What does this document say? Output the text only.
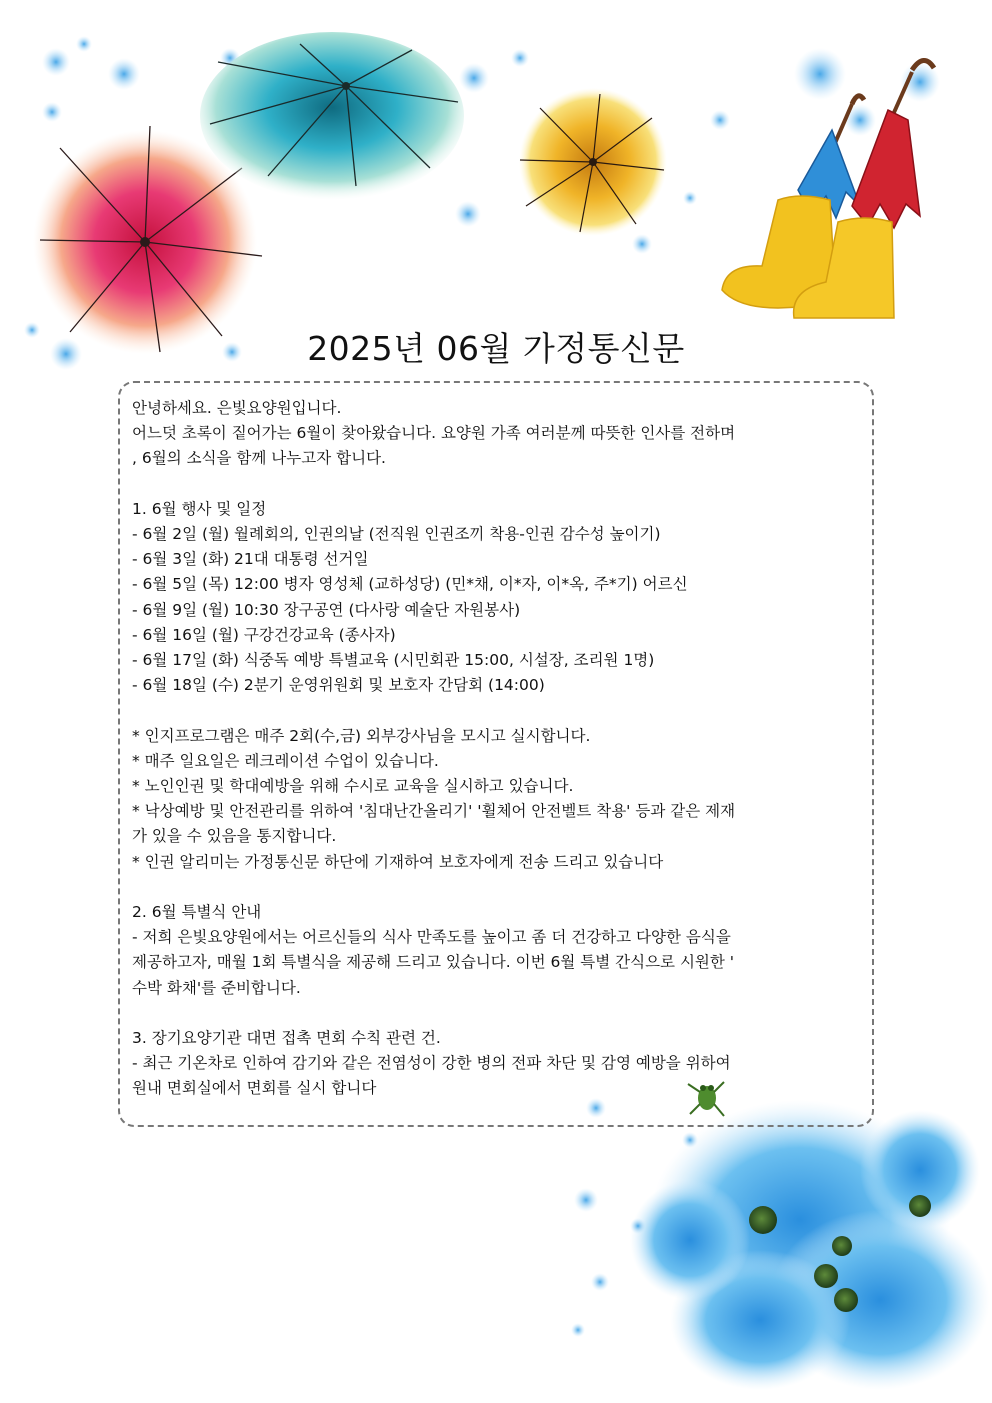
2025년 06월 가정통신문

안녕하세요. 은빛요양원입니다.

어느덧 초록이 짙어가는 6월이 찾아왔습니다. 요양원 가족 여러분께 따뜻한 인사를 전하며

, 6월의 소식을 함께 나누고자 합니다.

1. 6월 행사 및 일정

- 6월 2일 (월) 월례회의, 인권의날 (전직원 인권조끼 착용-인권 감수성 높이기)

- 6월 3일 (화) 21대 대통령 선거일

- 6월 5일 (목) 12:00 병자 영성체 (교하성당) (민*채, 이*자, 이*옥, 주*기) 어르신

- 6월 9일 (월) 10:30 장구공연 (다사랑 예술단 자원봉사)

- 6월 16일 (월) 구강건강교육 (종사자)

- 6월 17일 (화) 식중독 예방 특별교육 (시민회관 15:00, 시설장, 조리원 1명)

- 6월 18일 (수) 2분기 운영위원회 및 보호자 간담회 (14:00)

* 인지프로그램은 매주 2회(수,금) 외부강사님을 모시고 실시합니다.

* 매주 일요일은 레크레이션 수업이 있습니다.

* 노인인권 및 학대예방을 위해 수시로 교육을 실시하고 있습니다.

* 낙상예방 및 안전관리를 위하여 '침대난간올리기' '휠체어 안전벨트 착용' 등과 같은 제재

가 있을 수 있음을 통지합니다.

* 인권 알리미는 가정통신문 하단에 기재하여 보호자에게 전송 드리고 있습니다

2. 6월 특별식 안내

- 저희 은빛요양원에서는 어르신들의 식사 만족도를 높이고 좀 더 건강하고 다양한 음식을

제공하고자, 매월 1회 특별식을 제공해 드리고 있습니다. 이번 6월 특별 간식으로 시원한 '

수박 화채'를 준비합니다.

3. 장기요양기관 대면 접촉 면회 수칙 관련 건.

- 최근 기온차로 인하여 감기와 같은 전염성이 강한 병의 전파 차단 및 감영 예방을 위하여

원내 면회실에서 면회를 실시 합니다
